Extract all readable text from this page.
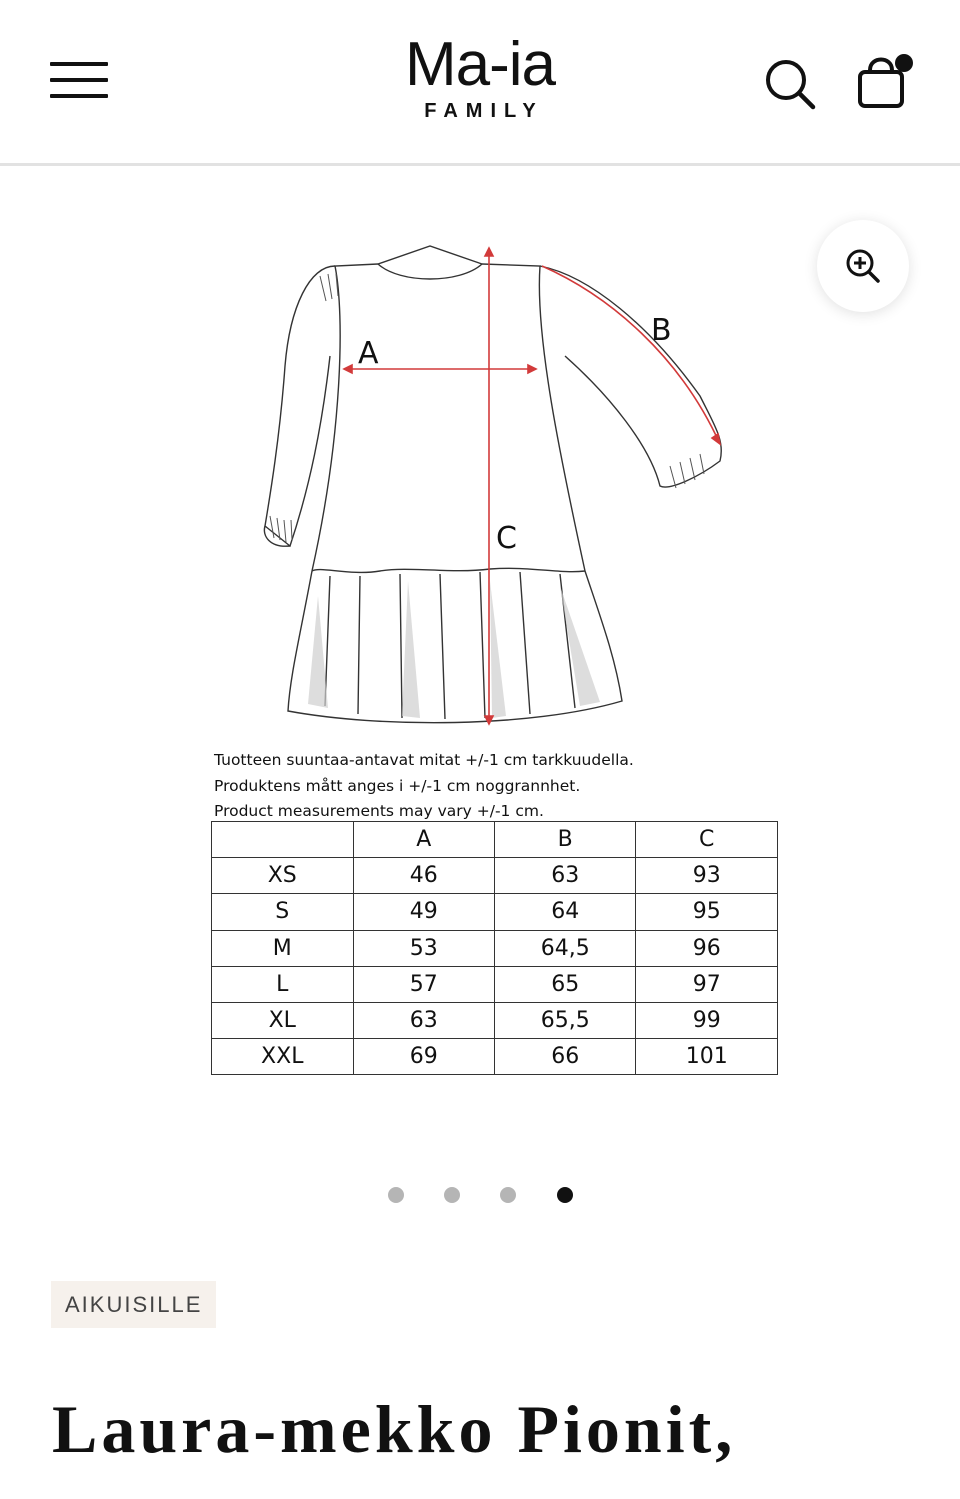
Ma-ia
FAMILY
A
B
C
Tuotteen suuntaa-antavat mitat +/-1 cm tarkkuudella.
Produktens mått anges i +/-1 cm noggrannhet.
Product measurements may vary +/-1 cm.
	A	B	C
XS	46	63	93
S	49	64	95
M	53	64,5	96
L	57	65	97
XL	63	65,5	99
XXL	69	66	101
AIKUISILLE
Laura-mekko Pionit,
